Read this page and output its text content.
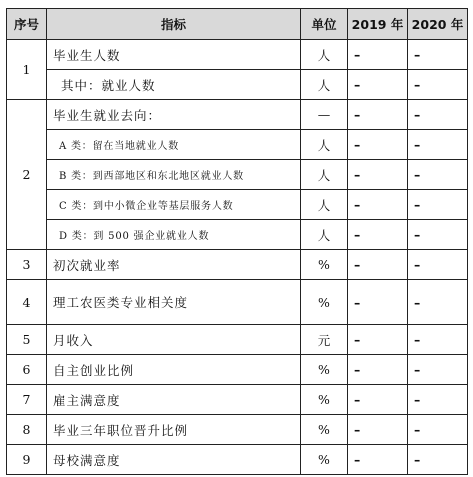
序号	指标	单位	2019 年	2020 年
1	毕业生人数	人	–	–
	其中：就业人数	人	–	–
2	毕业生就业去向：	—	–	–
	A 类：留在当地就业人数	人	–	–
	B 类：到西部地区和东北地区就业人数	人	–	–
	C 类：到中小微企业等基层服务人数	人	–	–
	D 类：到 500 强企业就业人数	人	–	–
3	初次就业率	%	–	–
4	理工农医类专业相关度	%	–	–
5	月收入	元	–	–
6	自主创业比例	%	–	–
7	雇主满意度	%	–	–
8	毕业三年职位晋升比例	%	–	–
9	母校满意度	%	–	–
